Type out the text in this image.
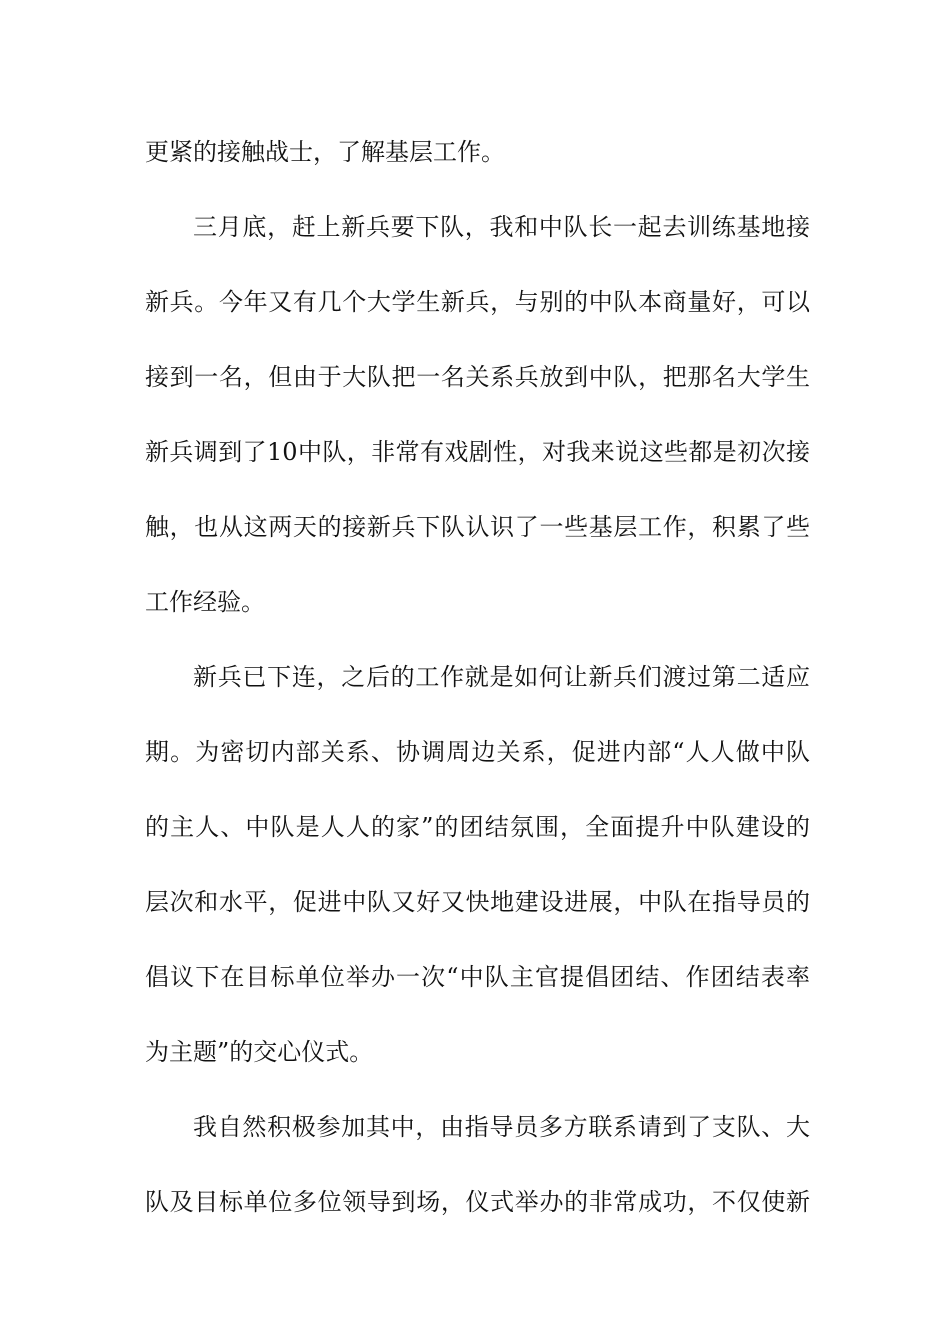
更紧的接触战士，了解基层工作。
三月底，赶上新兵要下队，我和中队长一起去训练基地接
新兵。今年又有几个大学生新兵，与别的中队本商量好，可以
接到一名，但由于大队把一名关系兵放到中队，把那名大学生
新兵调到了10中队，非常有戏剧性，对我来说这些都是初次接
触，也从这两天的接新兵下队认识了一些基层工作，积累了些
工作经验。
新兵已下连，之后的工作就是如何让新兵们渡过第二适应
期。为密切内部关系、协调周边关系，促进内部“人人做中队
的主人、中队是人人的家”的团结氛围，全面提升中队建设的
层次和水平，促进中队又好又快地建设进展，中队在指导员的
倡议下在目标单位举办一次“中队主官提倡团结、作团结表率
为主题”的交心仪式。
我自然积极参加其中，由指导员多方联系请到了支队、大
队及目标单位多位领导到场，仪式举办的非常成功，不仅使新
